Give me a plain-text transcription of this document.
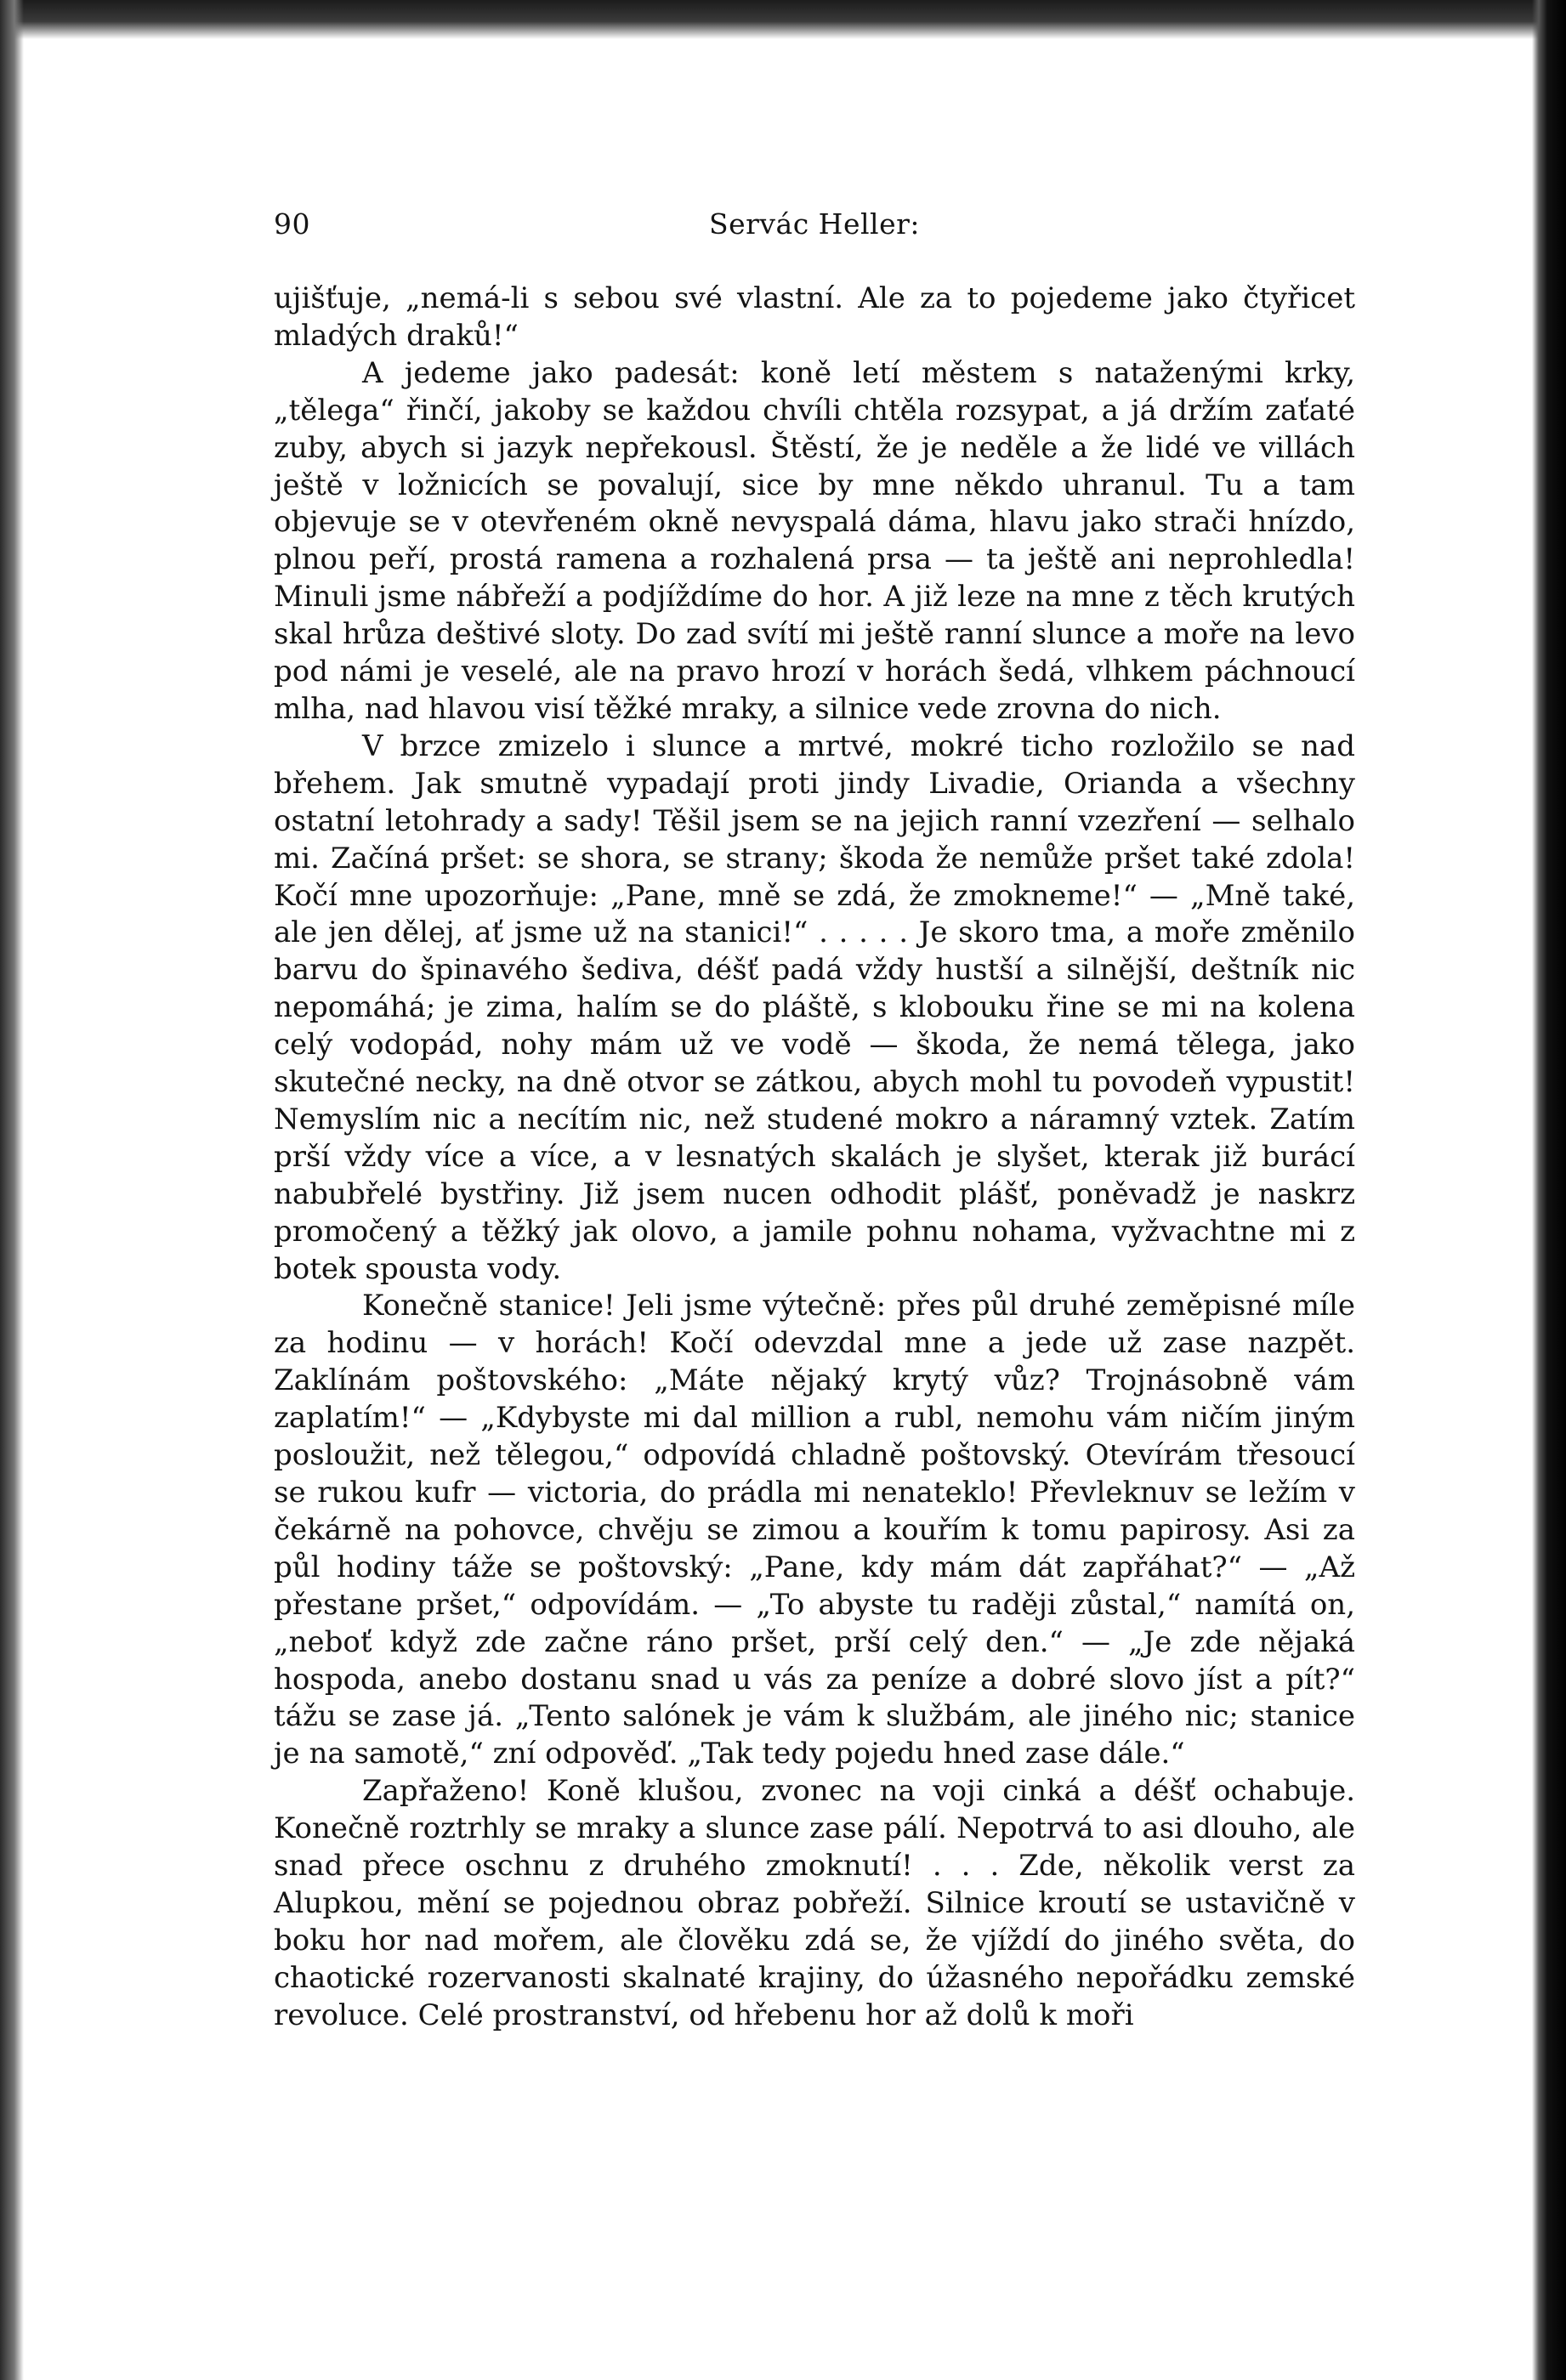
90	Servác Heller:

ujišťuje, „nemá-li s sebou své vlastní. Ale za to pojedeme jako čtyřicet mladých draků!“

A jedeme jako padesát: koně letí městem s nataženými krky, „tělega“ řinčí, jakoby se každou chvíli chtěla rozsypat, a já držím zaťaté zuby, abych si jazyk nepřekousl. Štěstí, že je neděle a že lidé ve villách ještě v ložnicích se povalují, sice by mne někdo uhranul. Tu a tam objevuje se v otevřeném okně nevyspalá dáma, hlavu jako strači hnízdo, plnou peří, prostá ramena a rozhalená prsa — ta ještě ani neprohledla! Minuli jsme nábřeží a podjíždíme do hor. A již leze na mne z těch krutých skal hrůza deštivé sloty. Do zad svítí mi ještě ranní slunce a moře na levo pod námi je veselé, ale na pravo hrozí v horách šedá, vlhkem páchnoucí mlha, nad hlavou visí těžké mraky, a silnice vede zrovna do nich.

V brzce zmizelo i slunce a mrtvé, mokré ticho rozložilo se nad břehem. Jak smutně vypadají proti jindy Livadie, Orianda a všechny ostatní letohrady a sady! Těšil jsem se na jejich ranní vzezření — selhalo mi. Začíná pršet: se shora, se strany; škoda že nemůže pršet také zdola! Kočí mne upozorňuje: „Pane, mně se zdá, že zmokneme!“ — „Mně také, ale jen dělej, ať jsme už na stanici!“ . . . . . Je skoro tma, a moře změnilo barvu do špinavého šediva, déšť padá vždy hustší a silnější, deštník nic nepomáhá; je zima, halím se do pláště, s klobouku řine se mi na kolena celý vodopád, nohy mám už ve vodě — škoda, že nemá tělega, jako skutečné necky, na dně otvor se zátkou, abych mohl tu povodeň vypustit! Nemyslím nic a necítím nic, než studené mokro a náramný vztek. Zatím prší vždy více a více, a v lesnatých skalách je slyšet, kterak již burácí nabubřelé bystřiny. Již jsem nucen odhodit plášť, poněvadž je naskrz promočený a těžký jak olovo, a jamile pohnu nohama, vyžvachtne mi z botek spousta vody.

Konečně stanice! Jeli jsme výtečně: přes půl druhé zeměpisné míle za hodinu — v horách! Kočí odevzdal mne a jede už zase nazpět. Zaklínám poštovského: „Máte nějaký krytý vůz? Trojnásobně vám zaplatím!“ — „Kdybyste mi dal million a rubl, nemohu vám ničím jiným posloužit, než tělegou,“ odpovídá chladně poštovský. Otevírám třesoucí se rukou kufr — victoria, do prádla mi nenateklo! Převleknuv se ležím v čekárně na pohovce, chvěju se zimou a kouřím k tomu papirosy. Asi za půl hodiny táže se poštovský: „Pane, kdy mám dát zapřáhat?“ — „Až přestane pršet,“ odpovídám. — „To abyste tu raději zůstal,“ namítá on, „neboť když zde začne ráno pršet, prší celý den.“ — „Je zde nějaká hospoda, anebo dostanu snad u vás za peníze a dobré slovo jíst a pít?“ tážu se zase já. „Tento salónek je vám k službám, ale jiného nic; stanice je na samotě,“ zní odpověď. „Tak tedy pojedu hned zase dále.“

Zapřaženo! Koně klušou, zvonec na voji cinká a déšť ochabuje. Konečně roztrhly se mraky a slunce zase pálí. Nepotrvá to asi dlouho, ale snad přece oschnu z druhého zmoknutí! . . . Zde, několik verst za Alupkou, mění se pojednou obraz pobřeží. Silnice kroutí se ustavičně v boku hor nad mořem, ale člověku zdá se, že vjíždí do jiného světa, do chaotické rozervanosti skalnaté krajiny, do úžasného nepořádku zemské revoluce. Celé prostranství, od hřebenu hor až dolů k moři
